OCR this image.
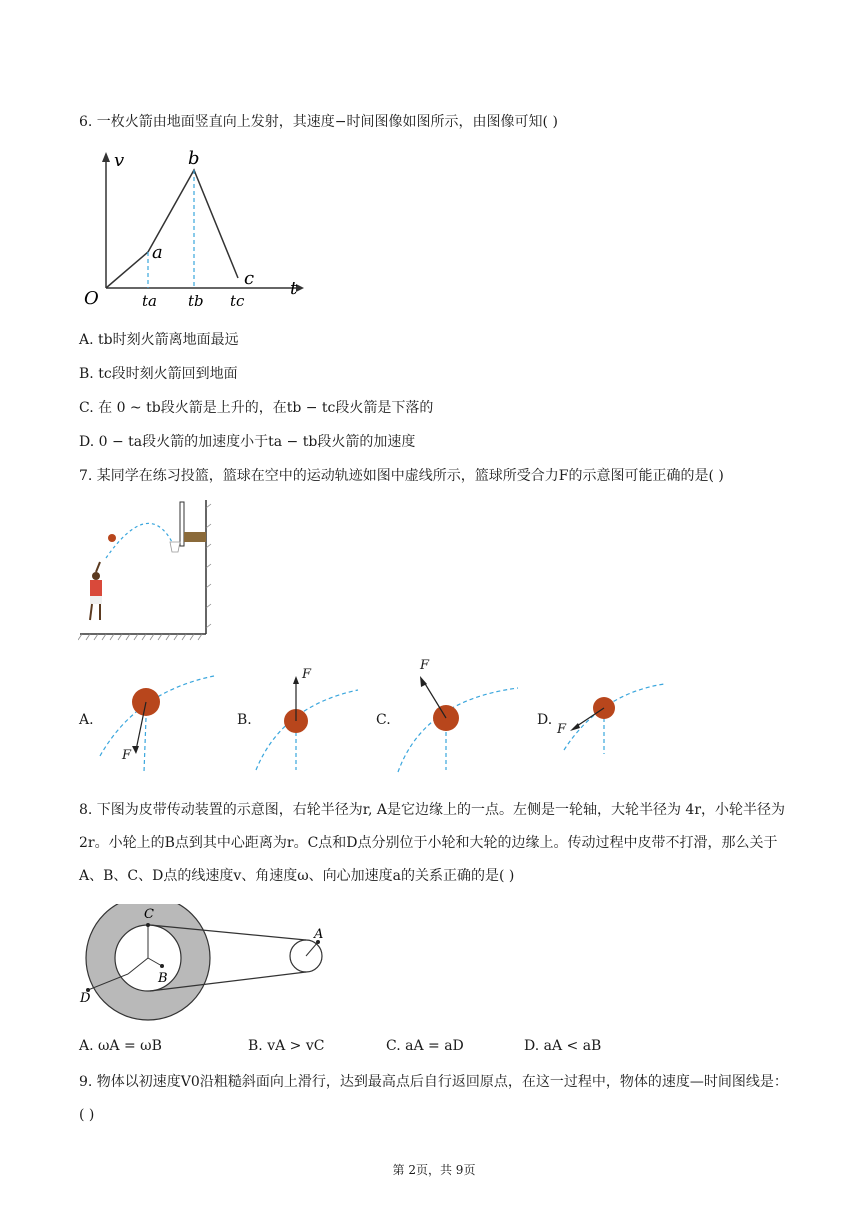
6. 一枚火箭由地面竖直向上发射，其速度−时间图像如图所示，由图像可知( )
v
t
O
a
b
c
ta tb tc
A. tb时刻火箭离地面最远
B. tc段时刻火箭回到地面
C. 在 0 ~ tb段火箭是上升的，在tb − tc段火箭是下落的
D. 0 − ta段火箭的加速度小于ta − tb段火箭的加速度
7. 某同学在练习投篮，篮球在空中的运动轨迹如图中虚线所示，篮球所受合力F的示意图可能正确的是( )
A.
F
B.
F
C.
F
D.
F
8. 下图为皮带传动装置的示意图，右轮半径为r, A是它边缘上的一点。左侧是一轮轴，大轮半径为 4r，小轮半径为 2r。小轮上的B点到其中心距离为r。C点和D点分别位于小轮和大轮的边缘上。传动过程中皮带不打滑，那么关于A、B、C、D点的线速度v、角速度ω、向心加速度a的关系正确的是( )
C
B
D
A
A. ωA = ωB	B. vA > vC	C. aA = aD	D. aA < aB
9. 物体以初速度V0沿粗糙斜面向上滑行，达到最高点后自行返回原点，在这一过程中，物体的速度—时间图线是：( )
第 2页，共 9页
